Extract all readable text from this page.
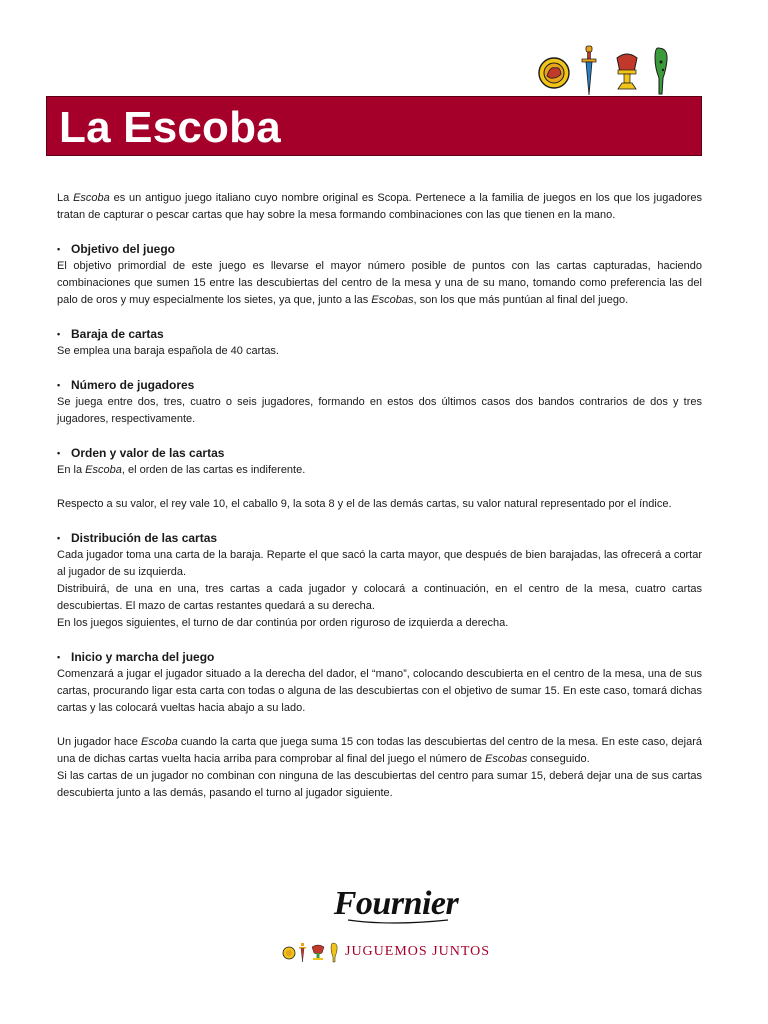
La Escoba

La Escoba es un antiguo juego italiano cuyo nombre original es Scopa. Pertenece a la familia de juegos en los que los jugadores tratan de capturar o pescar cartas que hay sobre la mesa formando combinaciones con las que tienen en la mano.

• Objetivo del juego

El objetivo primordial de este juego es llevarse el mayor número posible de puntos con las cartas capturadas, haciendo combinaciones que sumen 15 entre las descubiertas del centro de la mesa y una de su mano, tomando como preferencia las del palo de oros y muy especialmente los sietes, ya que, junto a las Escobas, son los que más puntúan al final del juego.

• Baraja de cartas

Se emplea una baraja española de 40 cartas.

• Número de jugadores

Se juega entre dos, tres, cuatro o seis jugadores, formando en estos dos últimos casos dos bandos contrarios de dos y tres jugadores, respectivamente.

• Orden y valor de las cartas

En la Escoba, el orden de las cartas es indiferente.

Respecto a su valor, el rey vale 10, el caballo 9, la sota 8 y el de las demás cartas, su valor natural representado por el índice.

• Distribución de las cartas

Cada jugador toma una carta de la baraja. Reparte el que sacó la carta mayor, que después de bien barajadas, las ofrecerá a cortar al jugador de su izquierda.

Distribuirá, de una en una, tres cartas a cada jugador y colocará a continuación, en el centro de la mesa, cuatro cartas descubiertas. El mazo de cartas restantes quedará a su derecha.

En los juegos siguientes, el turno de dar continúa por orden riguroso de izquierda a derecha.

• Inicio y marcha del juego

Comenzará a jugar el jugador situado a la derecha del dador, el “mano”, colocando descubierta en el centro de la mesa, una de sus cartas, procurando ligar esta carta con todas o alguna de las descubiertas con el objetivo de sumar 15. En este caso, tomará dichas cartas y las colocará vueltas hacia abajo a su lado.

Un jugador hace Escoba cuando la carta que juega suma 15 con todas las descubiertas del centro de la mesa. En este caso, dejará una de dichas cartas vuelta hacia arriba para comprobar al final del juego el número de Escobas conseguido.

Si las cartas de un jugador no combinan con ninguna de las descubiertas del centro para sumar 15, deberá dejar una de sus cartas descubierta junto a las demás, pasando el turno al jugador siguiente.

Fournier
JUGUEMOS JUNTOS
